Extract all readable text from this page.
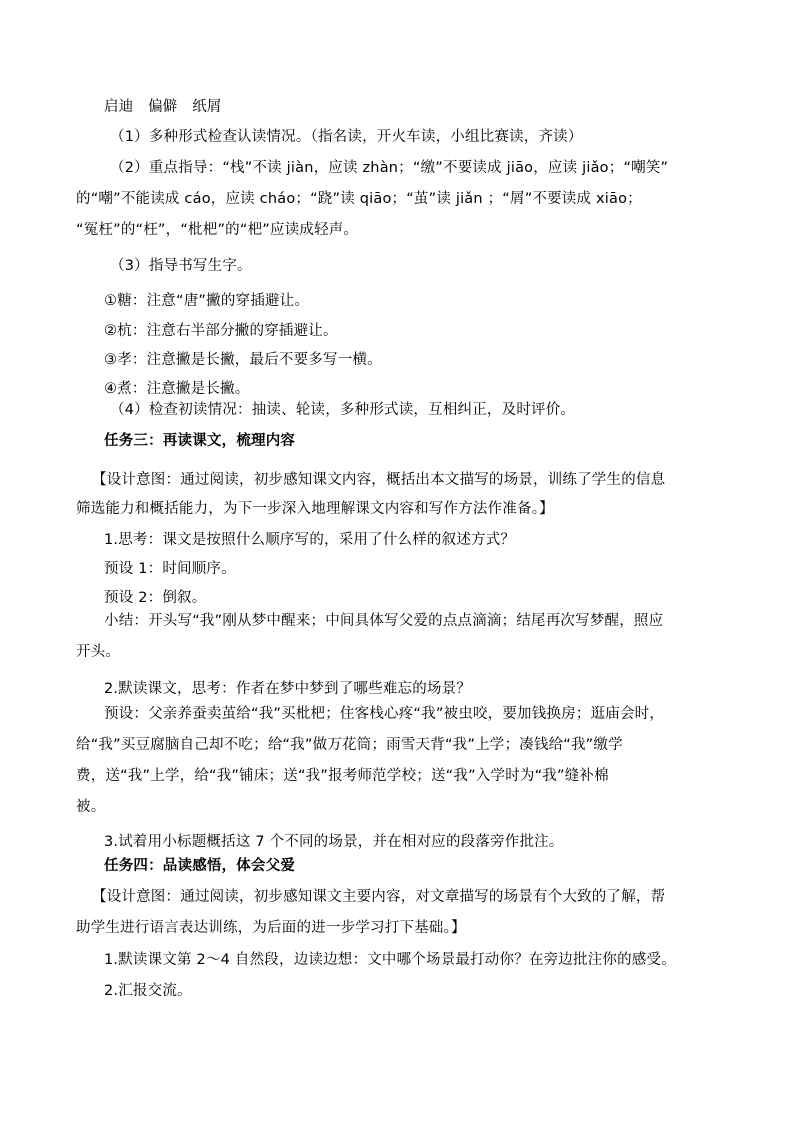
启迪　偏僻　纸屑
（1）多种形式检查认读情况。（指名读，开火车读，小组比赛读，齐读）
（2）重点指导：“栈”不读 jiàn，应读 zhàn；“缴”不要读成 jiāo，应读 jiǎo；“嘲笑”
的“嘲”不能读成 cáo，应读 cháo；“跷”读 qiāo；“茧”读 jiǎn ；“屑”不要读成 xiāo；
“冤枉”的“枉”，“枇杷”的“杷”应读成轻声。
（3）指导书写生字。
①糖：注意“唐”撇的穿插避让。
②杭：注意右半部分撇的穿插避让。
③孝：注意撇是长撇，最后不要多写一横。
④煮：注意撇是长撇。
（4）检查初读情况：抽读、轮读，多种形式读，互相纠正，及时评价。
任务三：再读课文，梳理内容
【设计意图：通过阅读，初步感知课文内容，概括出本文描写的场景，训练了学生的信息
筛选能力和概括能力，为下一步深入地理解课文内容和写作方法作准备。】
1.思考：课文是按照什么顺序写的，采用了什么样的叙述方式？
预设 1：时间顺序。
预设 2：倒叙。
小结：开头写“我”刚从梦中醒来；中间具体写父爱的点点滴滴；结尾再次写梦醒，照应
开头。
2.默读课文，思考：作者在梦中梦到了哪些难忘的场景？
预设：父亲养蚕卖茧给“我”买枇杷；住客栈心疼“我”被虫咬，要加钱换房；逛庙会时，
给“我”买豆腐脑自己却不吃；给“我”做万花筒；雨雪天背“我”上学；凑钱给“我”缴学
费，送“我”上学，给“我”铺床；送“我”报考师范学校；送“我”入学时为“我”缝补棉
被。
3.试着用小标题概括这 7 个不同的场景，并在相对应的段落旁作批注。
任务四：品读感悟，体会父爱
【设计意图：通过阅读，初步感知课文主要内容，对文章描写的场景有个大致的了解，帮
助学生进行语言表达训练，为后面的进一步学习打下基础。】
1.默读课文第 2～4 自然段，边读边想：文中哪个场景最打动你？在旁边批注你的感受。
2.汇报交流。
